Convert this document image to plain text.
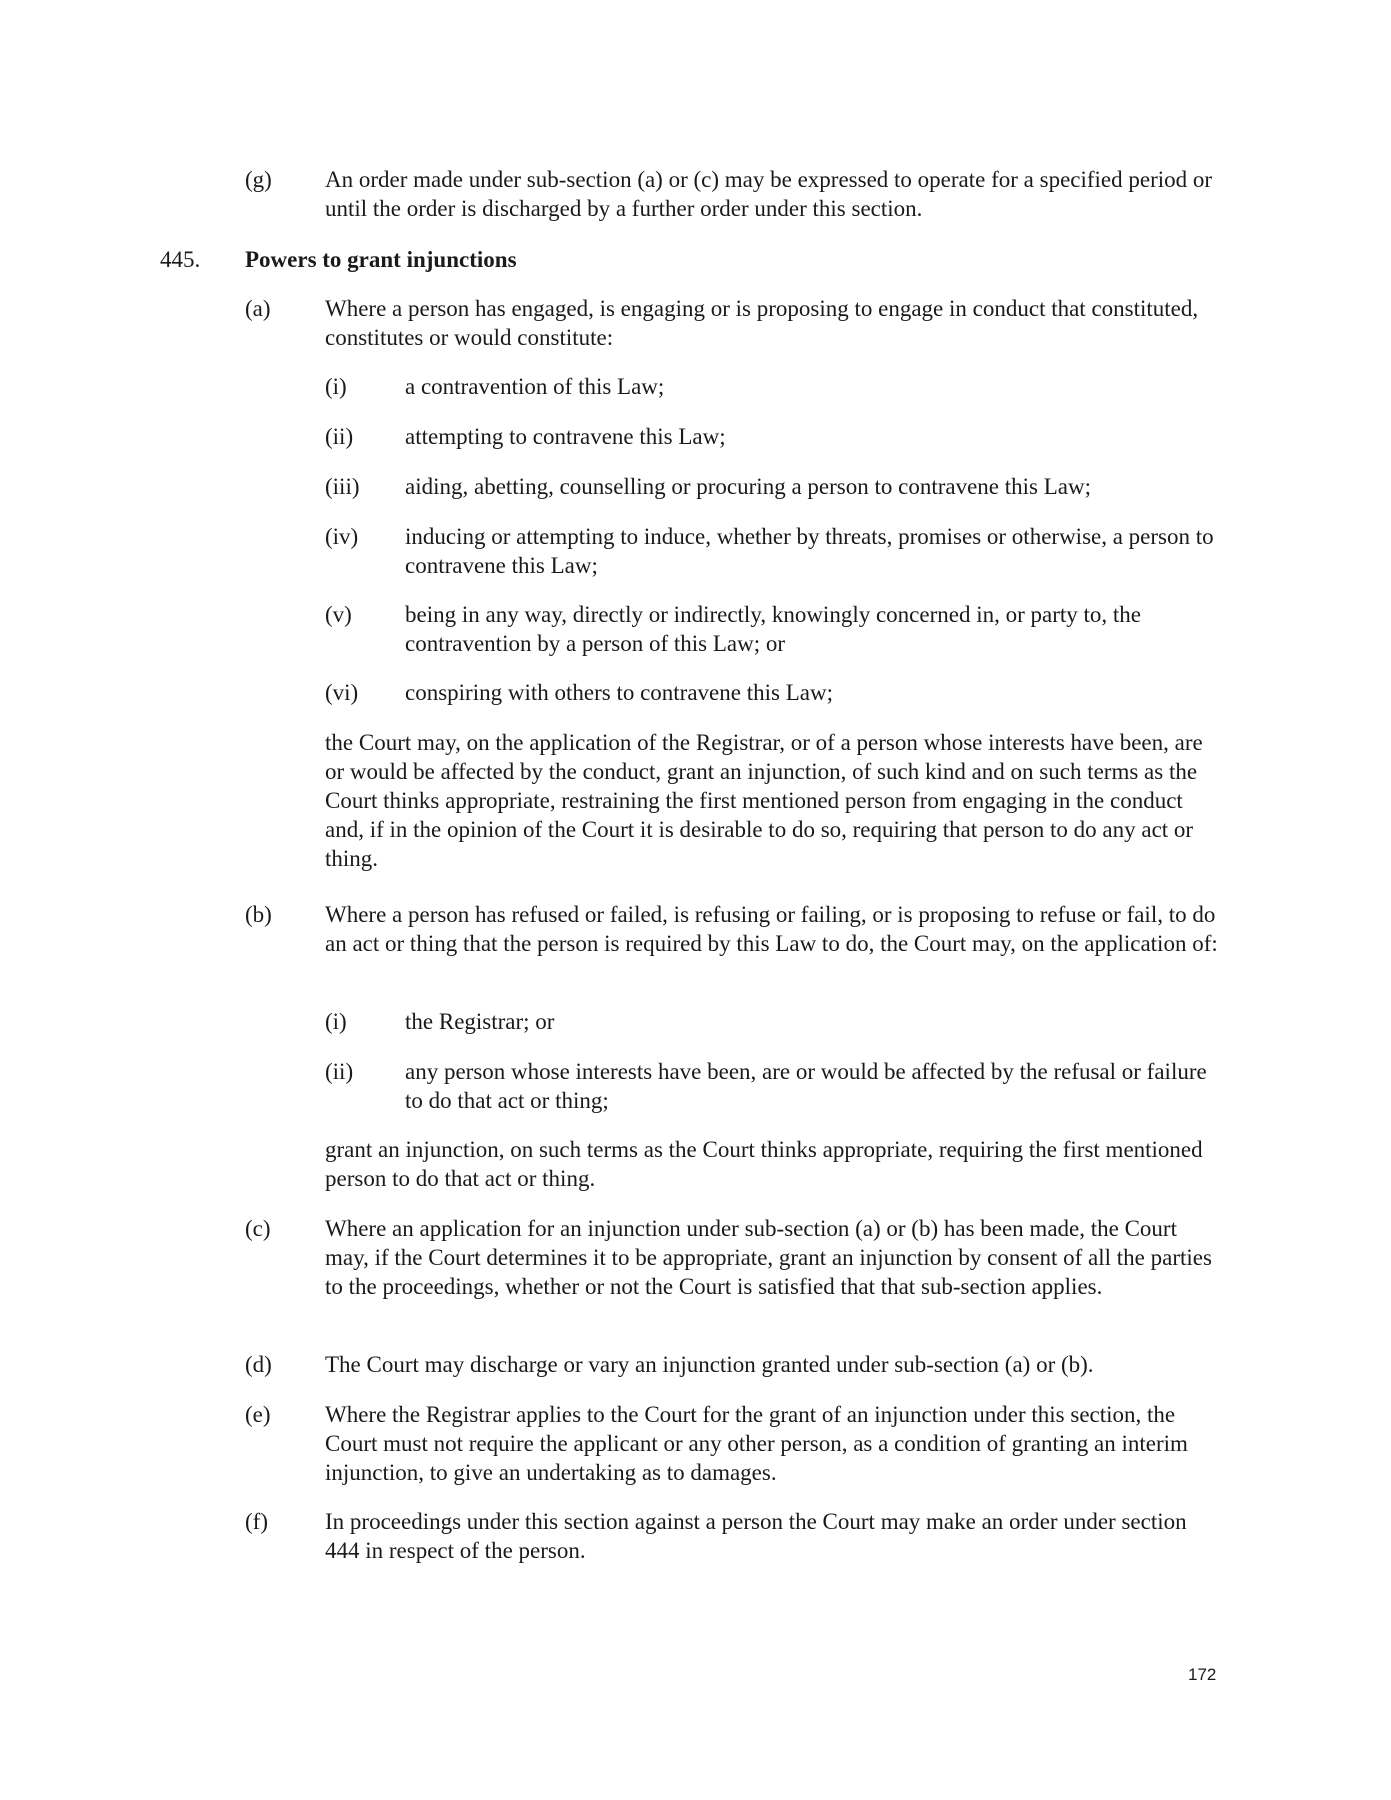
(g) An order made under sub-section (a) or (c) may be expressed to operate for a specified period or until the order is discharged by a further order under this section.
445. Powers to grant injunctions
(a) Where a person has engaged, is engaging or is proposing to engage in conduct that constituted, constitutes or would constitute:
(i)	a contravention of this Law;
(ii) attempting to contravene this Law;
(iii) aiding, abetting, counselling or procuring a person to contravene this Law;
(iv) inducing or attempting to induce, whether by threats, promises or otherwise, a person to contravene this Law;
(v) being in any way, directly or indirectly, knowingly concerned in, or party to, the contravention by a person of this Law; or
(vi) conspiring with others to contravene this Law;
the Court may, on the application of the Registrar, or of a person whose interests have been, are or would be affected by the conduct, grant an injunction, of such kind and on such terms as the Court thinks appropriate, restraining the first mentioned person from engaging in the conduct and, if in the opinion of the Court it is desirable to do so, requiring that person to do any act or thing.
(b) Where a person has refused or failed, is refusing or failing, or is proposing to refuse or fail, to do an act or thing that the person is required by this Law to do, the Court may, on the application of:
(i)	the Registrar; or
(ii) any person whose interests have been, are or would be affected by the refusal or failure to do that act or thing;
grant an injunction, on such terms as the Court thinks appropriate, requiring the first mentioned person to do that act or thing.
(c) Where an application for an injunction under sub-section (a) or (b) has been made, the Court may, if the Court determines it to be appropriate, grant an injunction by consent of all the parties to the proceedings, whether or not the Court is satisfied that that sub-section applies.
(d) The Court may discharge or vary an injunction granted under sub-section (a) or (b).
(e) Where the Registrar applies to the Court for the grant of an injunction under this section, the Court must not require the applicant or any other person, as a condition of granting an interim injunction, to give an undertaking as to damages.
(f) In proceedings under this section against a person the Court may make an order under section 444 in respect of the person.
172
